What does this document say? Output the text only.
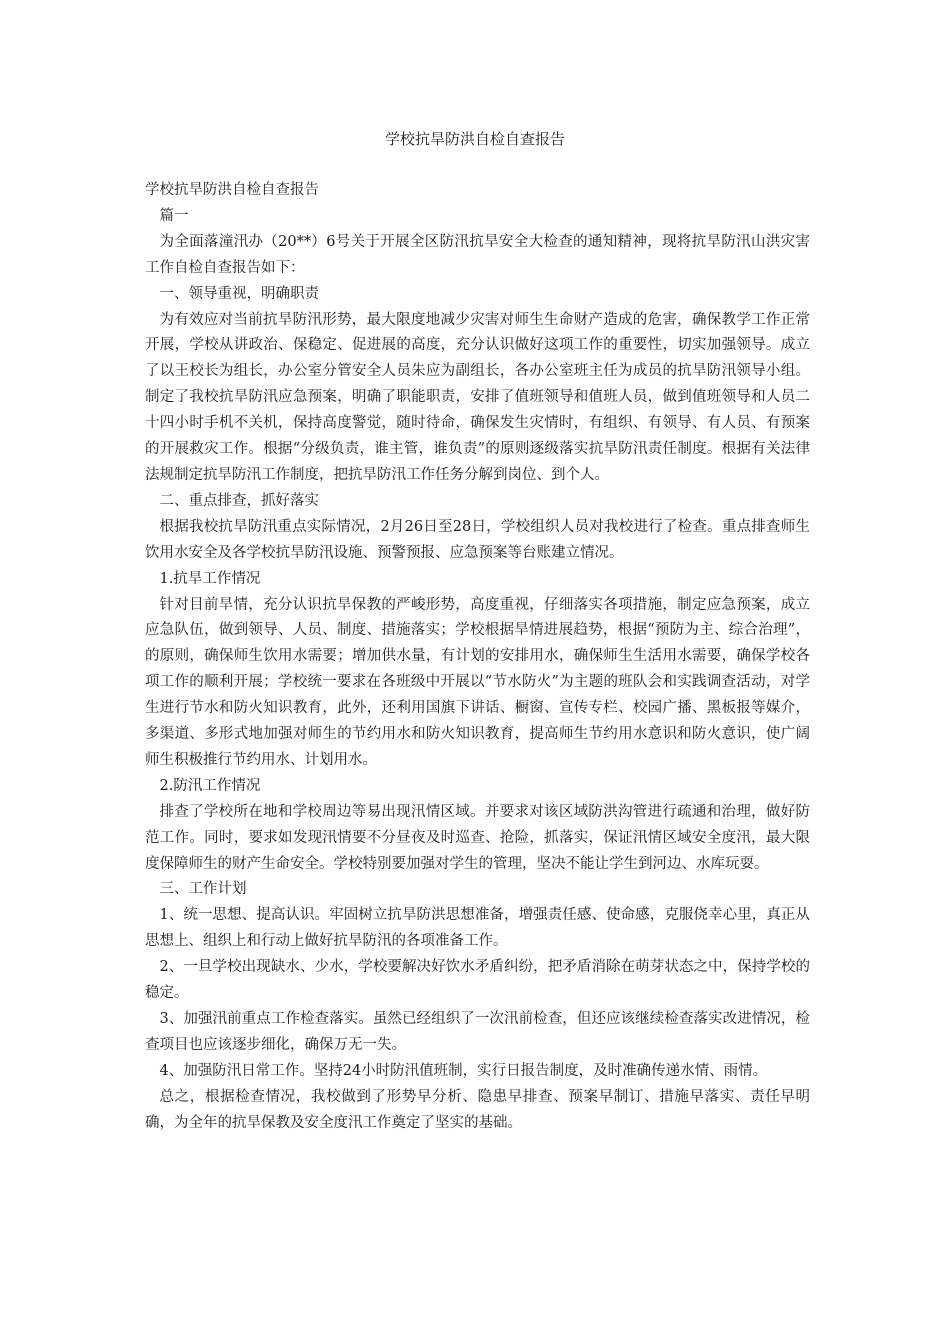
学校抗旱防洪自检自查报告

学校抗旱防洪自检自查报告

篇一

为全面落潼汛办（20**）6号关于开展全区防汛抗旱安全大检查的通知精神，现将抗旱防汛山洪灾害工作自检自查报告如下：

一、领导重视，明确职责

为有效应对当前抗旱防汛形势，最大限度地减少灾害对师生生命财产造成的危害，确保教学工作正常开展，学校从讲政治、保稳定、促进展的高度，充分认识做好这项工作的重要性，切实加强领导。成立了以王校长为组长，办公室分管安全人员朱应为副组长，各办公室班主任为成员的抗旱防汛领导小组。制定了我校抗旱防汛应急预案，明确了职能职责，安排了值班领导和值班人员，做到值班领导和人员二十四小时手机不关机，保持高度警觉，随时待命，确保发生灾情时，有组织、有领导、有人员、有预案的开展救灾工作。根据“分级负责，谁主管，谁负责”的原则逐级落实抗旱防汛责任制度。根据有关法律法规制定抗旱防汛工作制度，把抗旱防汛工作任务分解到岗位、到个人。

二、重点排查，抓好落实

根据我校抗旱防汛重点实际情况，2月26日至28日，学校组织人员对我校进行了检查。重点排查师生饮用水安全及各学校抗旱防汛设施、预警预报、应急预案等台账建立情况。

1.抗旱工作情况

针对目前旱情，充分认识抗旱保教的严峻形势，高度重视，仔细落实各项措施，制定应急预案，成立应急队伍，做到领导、人员、制度、措施落实；学校根据旱情进展趋势，根据“预防为主、综合治理”，的原则，确保师生饮用水需要；增加供水量，有计划的安排用水，确保师生生活用水需要，确保学校各项工作的顺利开展；学校统一要求在各班级中开展以“节水防火”为主题的班队会和实践调查活动，对学生进行节水和防火知识教育，此外，还利用国旗下讲话、橱窗、宣传专栏、校园广播、黑板报等媒介，多渠道、多形式地加强对师生的节约用水和防火知识教育，提高师生节约用水意识和防火意识，使广阔师生积极推行节约用水、计划用水。

2.防汛工作情况

排查了学校所在地和学校周边等易出现汛情区域。并要求对该区域防洪沟管进行疏通和治理，做好防范工作。同时，要求如发现汛情要不分昼夜及时巡查、抢险，抓落实，保证汛情区域安全度汛，最大限度保障师生的财产生命安全。学校特别要加强对学生的管理，坚决不能让学生到河边、水库玩耍。

三、工作计划

1、统一思想、提高认识。牢固树立抗旱防洪思想准备，增强责任感、使命感，克服侥幸心里，真正从思想上、组织上和行动上做好抗旱防汛的各项准备工作。

2、一旦学校出现缺水、少水，学校要解决好饮水矛盾纠纷，把矛盾消除在萌芽状态之中，保持学校的稳定。

3、加强汛前重点工作检查落实。虽然已经组织了一次汛前检查，但还应该继续检查落实改进情况，检查项目也应该逐步细化，确保万无一失。

4、加强防汛日常工作。坚持24小时防汛值班制，实行日报告制度，及时准确传递水情、雨情。

总之，根据检查情况，我校做到了形势早分析、隐患早排查、预案早制订、措施早落实、责任早明确，为全年的抗旱保教及安全度汛工作奠定了坚实的基础。
